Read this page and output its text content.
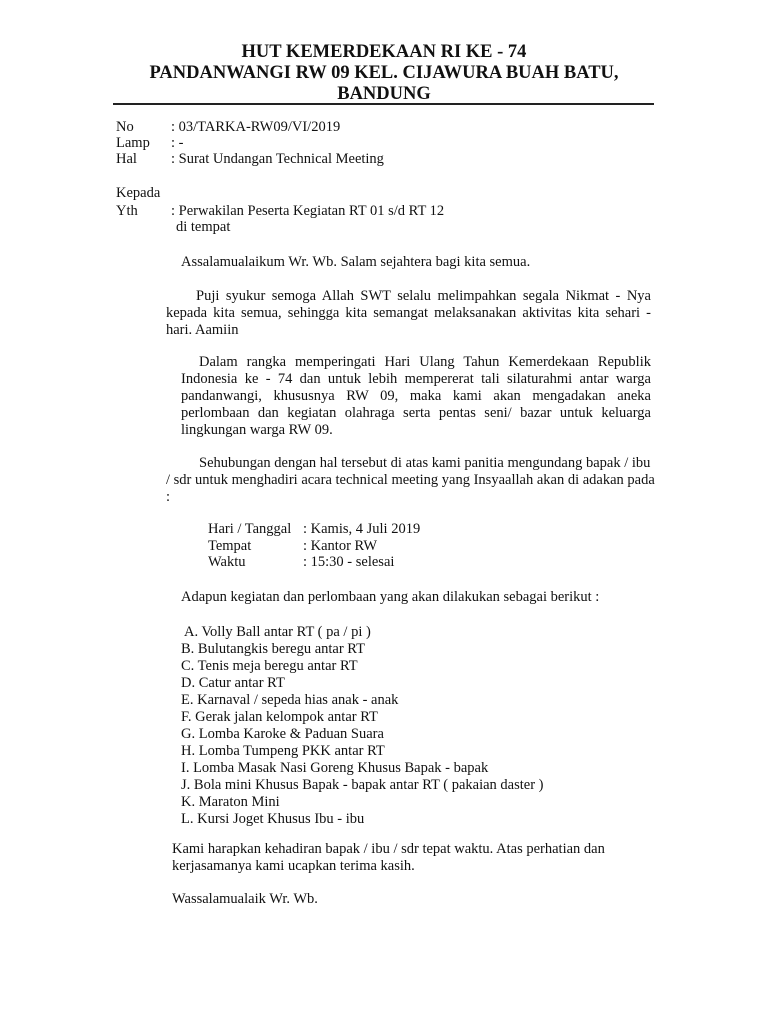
HUT KEMERDEKAAN RI KE - 74
PANDANWANGI RW 09 KEL. CIJAWURA BUAH BATU,
BANDUNG
No	: 03/TARKA-RW09/VI/2019
Lamp : -
Hal : Surat Undangan Technical Meeting
Kepada
Yth : Perwakilan Peserta Kegiatan RT 01 s/d RT 12
di tempat
Assalamualaikum Wr. Wb. Salam sejahtera bagi kita semua.
Puji syukur semoga Allah SWT selalu melimpahkan segala Nikmat - Nya kepada kita semua, sehingga kita semangat melaksanakan aktivitas kita sehari - hari. Aamiin
Dalam rangka memperingati Hari Ulang Tahun Kemerdekaan Republik Indonesia ke - 74 dan untuk lebih mempererat tali silaturahmi antar warga pandanwangi, khususnya RW 09, maka kami akan mengadakan aneka perlombaan dan kegiatan olahraga serta pentas seni/ bazar untuk keluarga lingkungan warga RW 09.
Sehubungan dengan hal tersebut di atas kami panitia mengundang bapak / ibu / sdr untuk menghadiri acara technical meeting yang Insyaallah akan di adakan pada :
Hari / Tanggal : Kamis, 4 Juli 2019
Tempat	: Kantor RW
Waktu	: 15:30 - selesai
Adapun kegiatan dan perlombaan yang akan dilakukan sebagai berikut :
A. Volly Ball antar RT ( pa / pi )
B. Bulutangkis beregu antar RT
C. Tenis meja beregu antar RT
D. Catur antar RT
E. Karnaval / sepeda hias anak - anak
F. Gerak jalan kelompok antar RT
G. Lomba Karoke & Paduan Suara
H. Lomba Tumpeng PKK antar RT
I. Lomba Masak Nasi Goreng Khusus Bapak - bapak
J. Bola mini Khusus Bapak - bapak antar RT ( pakaian daster )
K. Maraton Mini
L. Kursi Joget Khusus Ibu - ibu
Kami harapkan kehadiran bapak / ibu / sdr tepat waktu. Atas perhatian dan kerjasamanya kami ucapkan terima kasih.
Wassalamualaik Wr. Wb.
